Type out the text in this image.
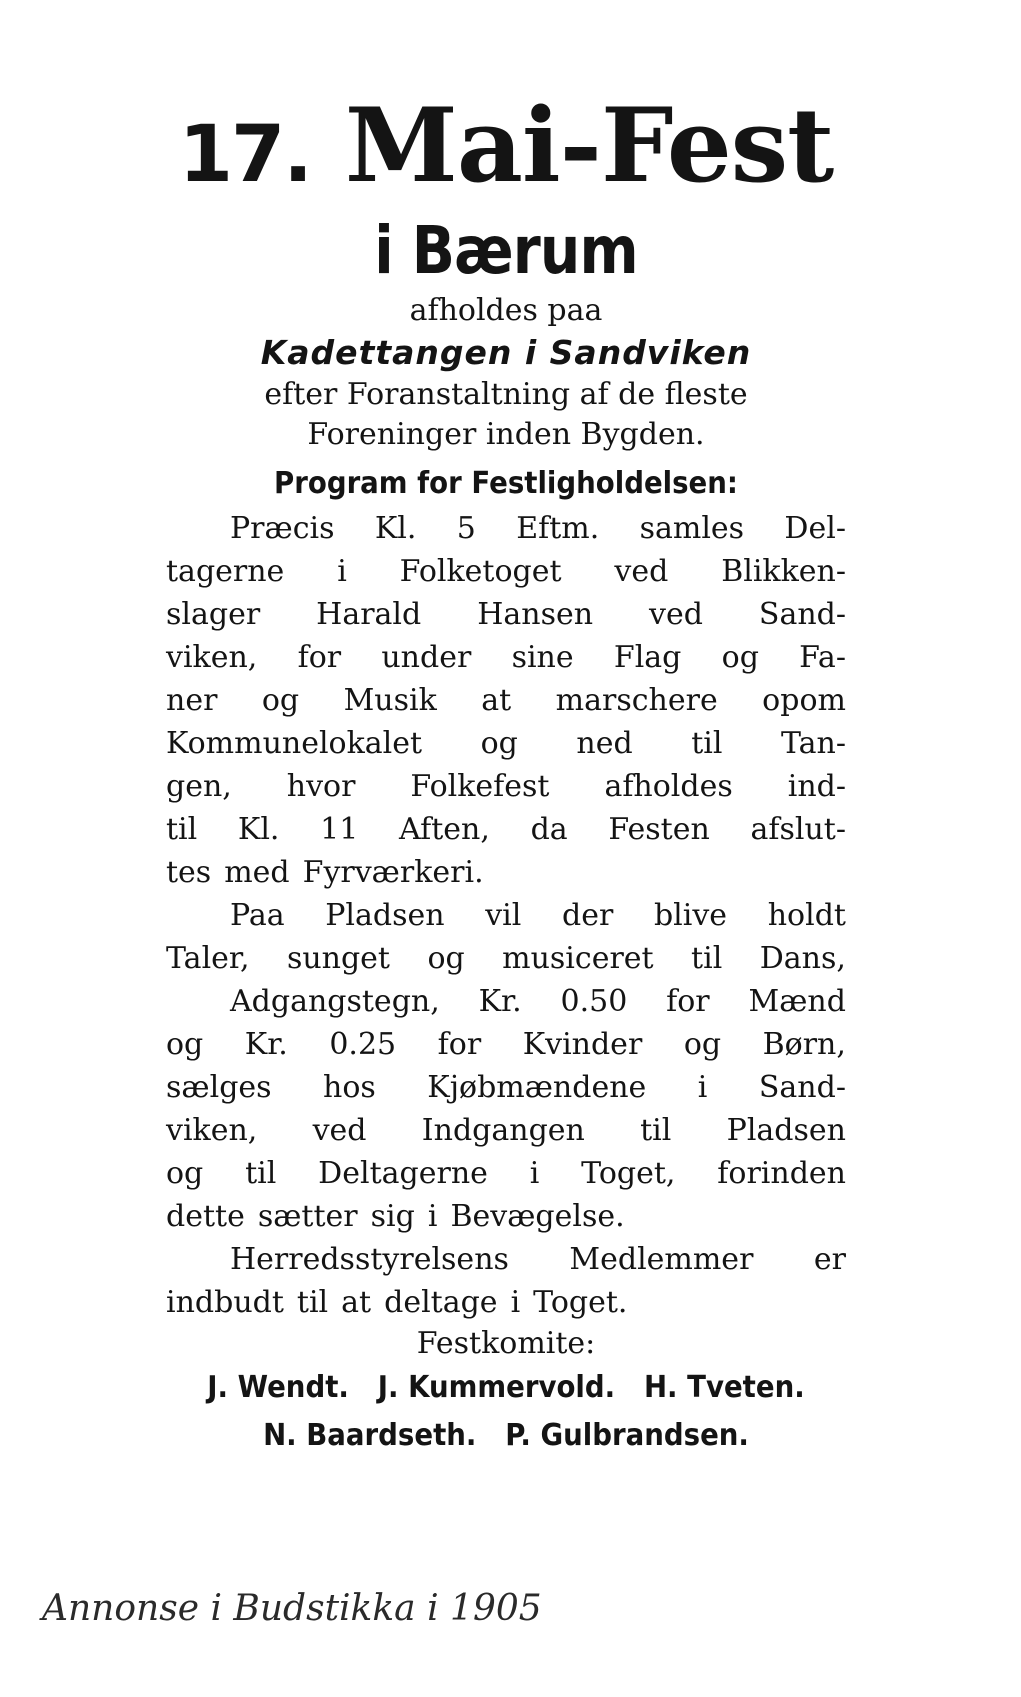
17. Mai-Fest
i Bærum
afholdes paa
Kadettangen i Sandviken
efter Foranstaltning af de fleste
Foreninger inden Bygden.
Program for Festligholdelsen:
Præcis Kl. 5 Eftm. samles Del-
tagerne i Folketoget ved Blikken-
slager Harald Hansen ved Sand-
viken, for under sine Flag og Fa-
ner og Musik at marschere opom
Kommunelokalet og ned til Tan-
gen, hvor Folkefest afholdes ind-
til Kl. 11 Aften, da Festen afslut-
tes med Fyrværkeri.
Paa Pladsen vil der blive holdt
Taler, sunget og musiceret til Dans,
Adgangstegn, Kr. 0.50 for Mænd
og Kr. 0.25 for Kvinder og Børn,
sælges hos Kjøbmændene i Sand-
viken, ved Indgangen til Pladsen
og til Deltagerne i Toget, forinden
dette sætter sig i Bevægelse.
Herredsstyrelsens Medlemmer er
indbudt til at deltage i Toget.
Festkomite:
J. Wendt.   J. Kummervold.   H. Tveten.
N. Baardseth.   P. Gulbrandsen.
Annonse i Budstikka i 1905
